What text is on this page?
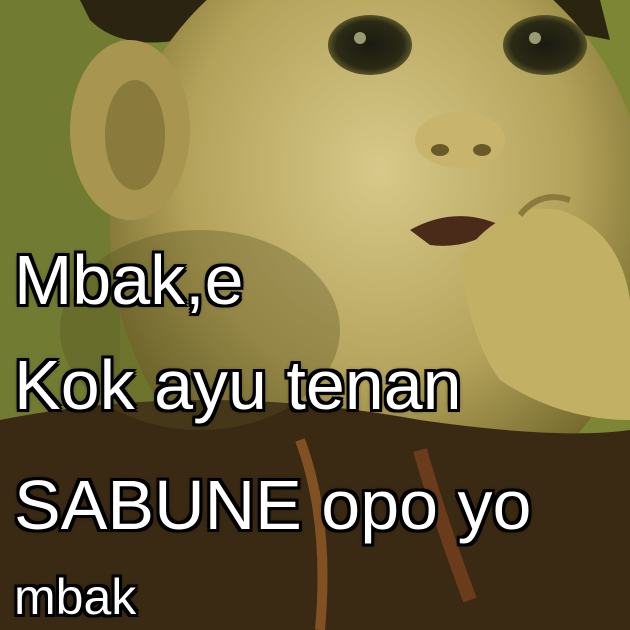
Mbak,e
Kok ayu tenan
SABUNE opo yo
mbak
